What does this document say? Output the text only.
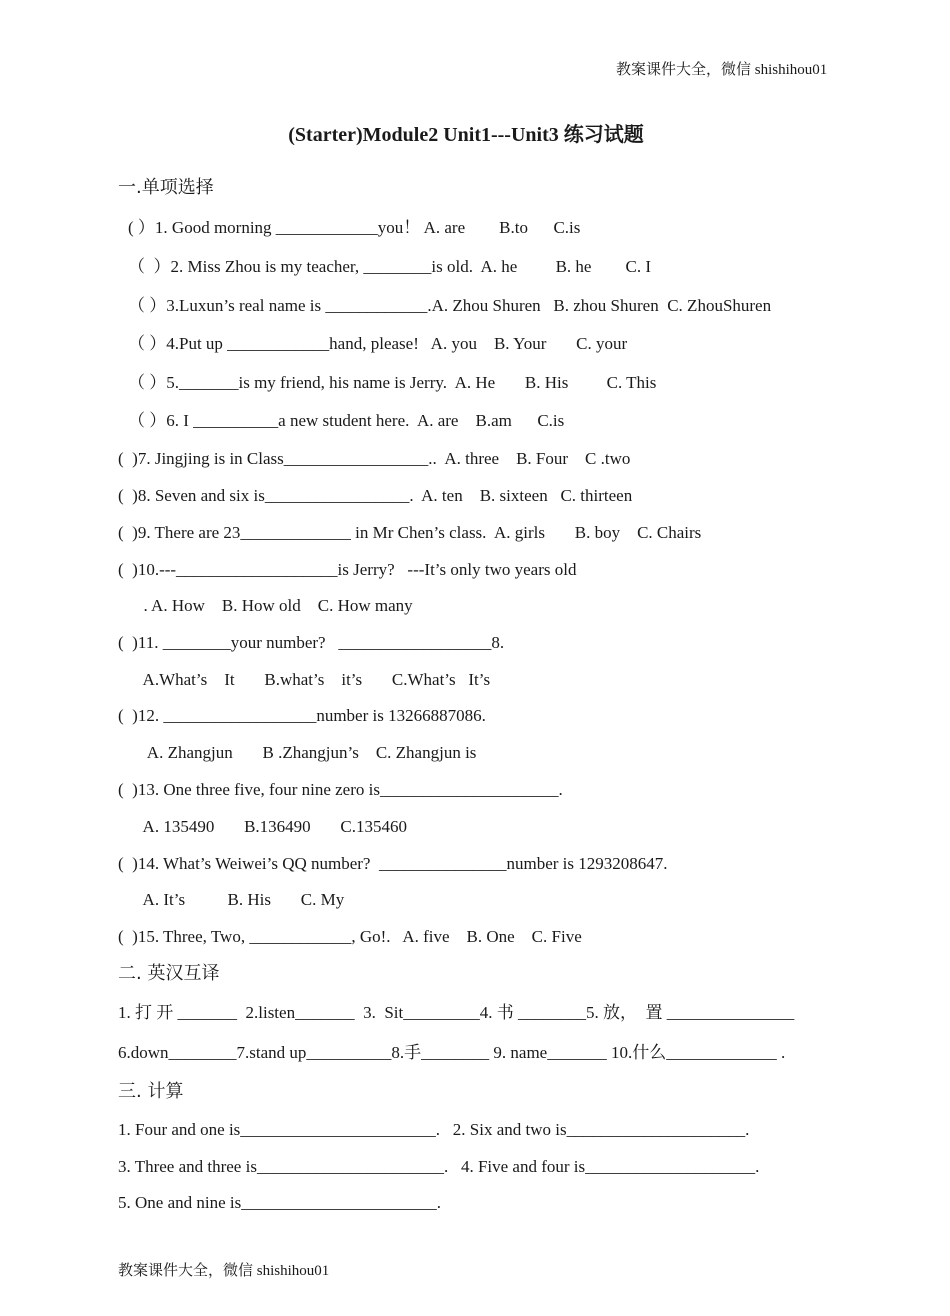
教案课件大全，微信 shishihou01
(Starter)Module2 Unit1---Unit3 练习试题
一.单项选择
( ）1. Good morning ____________you！ A. are        B.to      C.is
（  ）2. Miss Zhou is my teacher, ________is old.  A. he         B. he        C. I
（ ）3.Luxun’s real name is ____________.A. Zhou Shuren   B. zhou Shuren  C. ZhouShuren
（ ）4.Put up ____________hand, please!   A. you    B. Your       C. your
（ ）5._______is my friend, his name is Jerry.  A. He       B. His         C. This
（ ）6. I __________a new student here.  A. are    B.am      C.is
(  )7. Jingjing is in Class_________________..  A. three    B. Four    C .two
(  )8. Seven and six is_________________.  A. ten    B. sixteen   C. thirteen
(  )9. There are 23_____________ in Mr Chen’s class.  A. girls       B. boy    C. Chairs
(  )10.---___________________is Jerry?   ---It’s only two years old
. A. How    B. How old    C. How many
(  )11. ________your number?   __________________8.
A.What’s    It       B.what’s    it’s       C.What’s   It’s
(  )12. __________________number is 13266887086.
A. Zhangjun       B .Zhangjun’s    C. Zhangjun is
(  )13. One three five, four nine zero is_____________________.
A. 135490       B.136490       C.135460
(  )14. What’s Weiwei’s QQ number?  _______________number is 1293208647.
A. It’s          B. His       C. My
(  )15. Three, Two, ____________, Go!.   A. five    B. One    C. Five
二. 英汉互译
1. 打 开 _______  2.listen_______  3.  Sit_________4. 书 ________5. 放，  置 _______________
6.down________7.stand up__________8.手________ 9. name_______ 10.什么_____________ .
三. 计算
1. Four and one is_______________________.   2. Six and two is_____________________.
3. Three and three is______________________.   4. Five and four is____________________.
5. One and nine is_______________________.
教案课件大全，微信 shishihou01
